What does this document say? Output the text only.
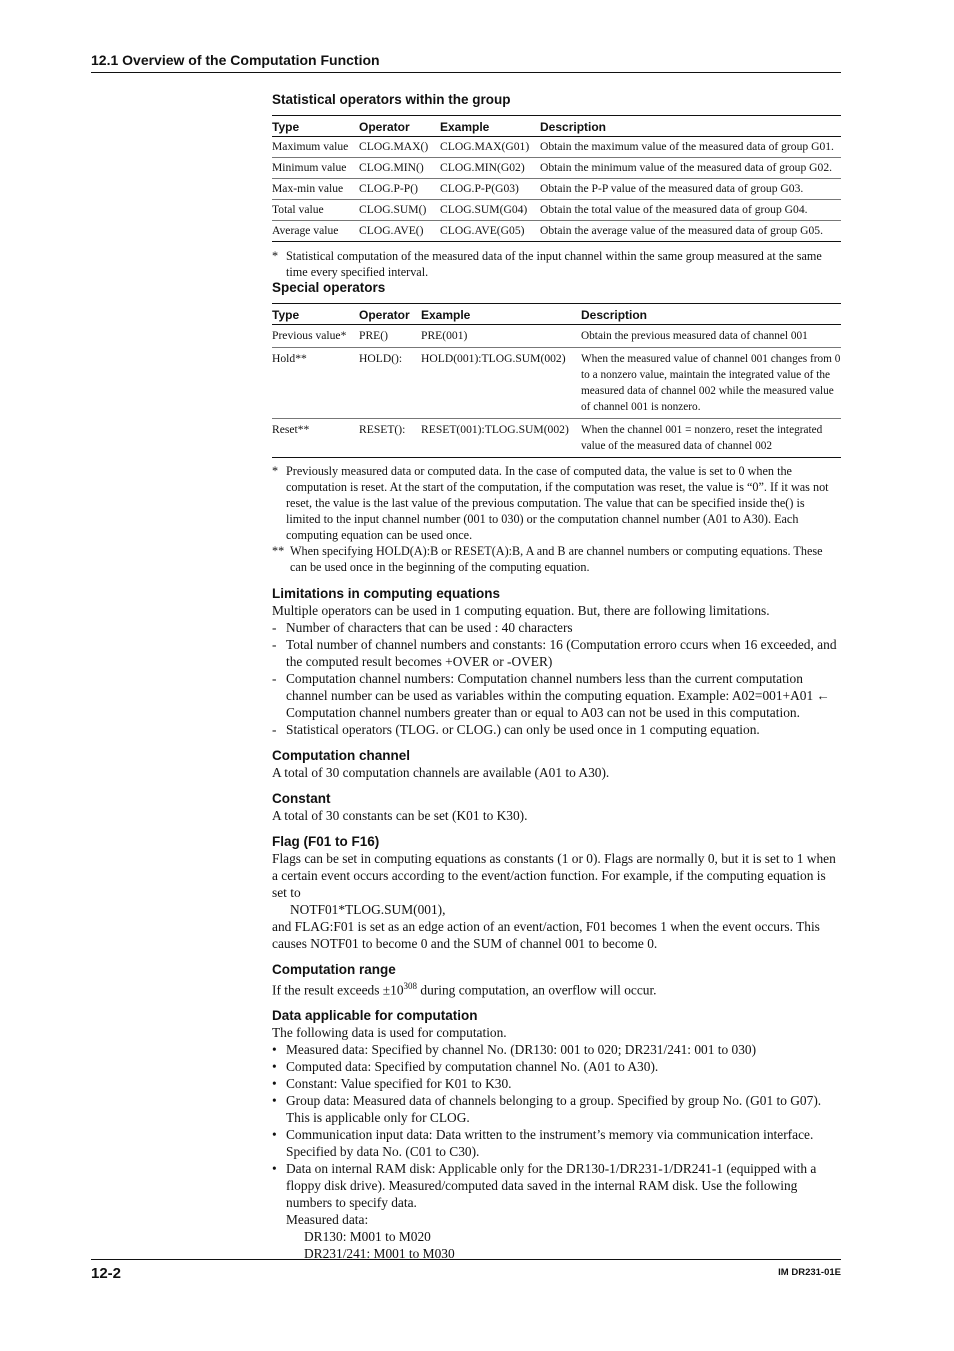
12.1 Overview of the Computation Function
Statistical operators within the group
Type	Operator	Example	Description
Maximum value	CLOG.MAX()	CLOG.MAX(G01)	Obtain the maximum value of the measured data of group G01.
Minimum value	CLOG.MIN()	CLOG.MIN(G02)	Obtain the minimum value of the measured data of group G02.
Max-min value	CLOG.P-P()	CLOG.P-P(G03)	Obtain the P-P value of the measured data of group G03.
Total value	CLOG.SUM()	CLOG.SUM(G04)	Obtain the total value of the measured data of group G04.
Average value	CLOG.AVE()	CLOG.AVE(G05)	Obtain the average value of the measured data of group G05.
* Statistical computation of the measured data of the input channel within the same group measured at the same time every specified interval.
Special operators
Type	Operator	Example	Description
Previous value*	PRE()	PRE(001)	Obtain the previous measured data of channel 001
Hold**	HOLD():	HOLD(001):TLOG.SUM(002)	When the measured value of channel 001 changes from 0 to a nonzero value, maintain the integrated value of the measured data of channel 002 while the measured value of channel 001 is nonzero.
Reset**	RESET():	RESET(001):TLOG.SUM(002)	When the channel 001 = nonzero, reset the integrated value of the measured data of channel 002
* Previously measured data or computed data. In the case of computed data, the value is set to 0 when the computation is reset. At the start of the computation, if the computation was reset, the value is “0”. If it was not reset, the value is the last value of the previous computation. The value that can be specified inside the() is limited to the input channel number (001 to 030) or the computation channel number (A01 to A30). Each computing equation can be used once.
** When specifying HOLD(A):B or RESET(A):B, A and B are channel numbers or computing equations. These can be used once in the beginning of the computing equation.
Limitations in computing equations
Multiple operators can be used in 1 computing equation. But, there are following limitations.
- Number of characters that can be used : 40 characters
- Total number of channel numbers and constants: 16 (Computation erroro ccurs when 16 exceeded, and the computed result becomes +OVER or -OVER)
- Computation channel numbers: Computation channel numbers less than the current computation channel number can be used as variables within the computing equation. Example: A02=001+A01 ← Computation channel numbers greater than or equal to A03 can not be used in this computation.
- Statistical operators (TLOG. or CLOG.) can only be used once in 1 computing equation.
Computation channel
A total of 30 computation channels are available (A01 to A30).
Constant
A total of 30 constants can be set (K01 to K30).
Flag (F01 to F16)
Flags can be set in computing equations as constants (1 or 0). Flags are normally 0, but it is set to 1 when a certain event occurs according to the event/action function. For example, if the computing equation is set to
NOTF01*TLOG.SUM(001),
and FLAG:F01 is set as an edge action of an event/action, F01 becomes 1 when the event occurs. This causes NOTF01 to become 0 and the SUM of channel 001 to become 0.
Computation range
If the result exceeds $\pm 10^{308}$ during computation, an overflow will occur.
Data applicable for computation
The following data is used for computation.
• Measured data: Specified by channel No. (DR130: 001 to 020; DR231/241: 001 to 030)
• Computed data: Specified by computation channel No. (A01 to A30).
• Constant: Value specified for K01 to K30.
• Group data: Measured data of channels belonging to a group. Specified by group No. (G01 to G07). This is applicable only for CLOG.
• Communication input data: Data written to the instrument’s memory via communication interface. Specified by data No. (C01 to C30).
• Data on internal RAM disk: Applicable only for the DR130-1/DR231-1/DR241-1 (equipped with a floppy disk drive). Measured/computed data saved in the internal RAM disk. Use the following numbers to specify data.
Measured data:
DR130: M001 to M020
DR231/241: M001 to M030
12-2	IM DR231-01E
